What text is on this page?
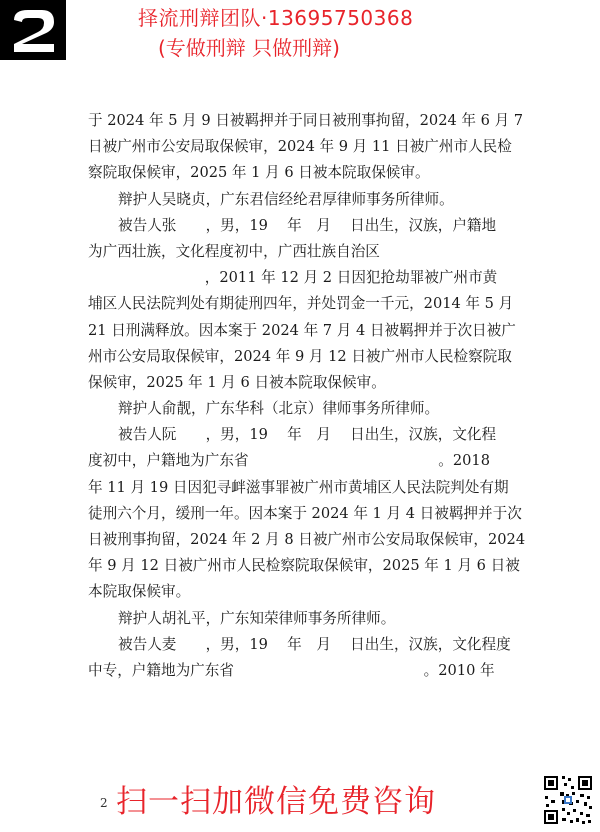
择流刑辩团队·13695750368
(专做刑辩 只做刑辩)
于 2024 年 5 月 9 日被羁押并于同日被刑事拘留，2024 年 6 月 7
日被广州市公安局取保候审，2024 年 9 月 11 日被广州市人民检
察院取保候审，2025 年 1 月 6 日被本院取保候审。
辩护人吴晓贞，广东君信经纶君厚律师事务所律师。
被告人张　　，男，19　 年　月　 日出生，汉族，户籍地
为广西壮族，文化程度初中，广西壮族自治区
　　　　　　　　，2011 年 12 月 2 日因犯抢劫罪被广州市黄
埔区人民法院判处有期徒刑四年，并处罚金一千元，2014 年 5 月
21 日刑满释放。因本案于 2024 年 7 月 4 日被羁押并于次日被广
州市公安局取保候审，2024 年 9 月 12 日被广州市人民检察院取
保候审，2025 年 1 月 6 日被本院取保候审。
辩护人俞靓，广东华科（北京）律师事务所律师。
被告人阮　　，男，19　 年　月　 日出生，汉族，文化程
度初中，户籍地为广东省　　　　　　　　　　　　　。2018
年 11 月 19 日因犯寻衅滋事罪被广州市黄埔区人民法院判处有期
徒刑六个月，缓刑一年。因本案于 2024 年 1 月 4 日被羁押并于次
日被刑事拘留，2024 年 2 月 8 日被广州市公安局取保候审，2024
年 9 月 12 日被广州市人民检察院取保候审，2025 年 1 月 6 日被
本院取保候审。
辩护人胡礼平，广东知荣律师事务所律师。
被告人麦　　，男，19　 年　月　 日出生，汉族，文化程度
中专，户籍地为广东省　　　　　　　　　　　　　。2010 年
2 扫一扫加微信免费咨询
